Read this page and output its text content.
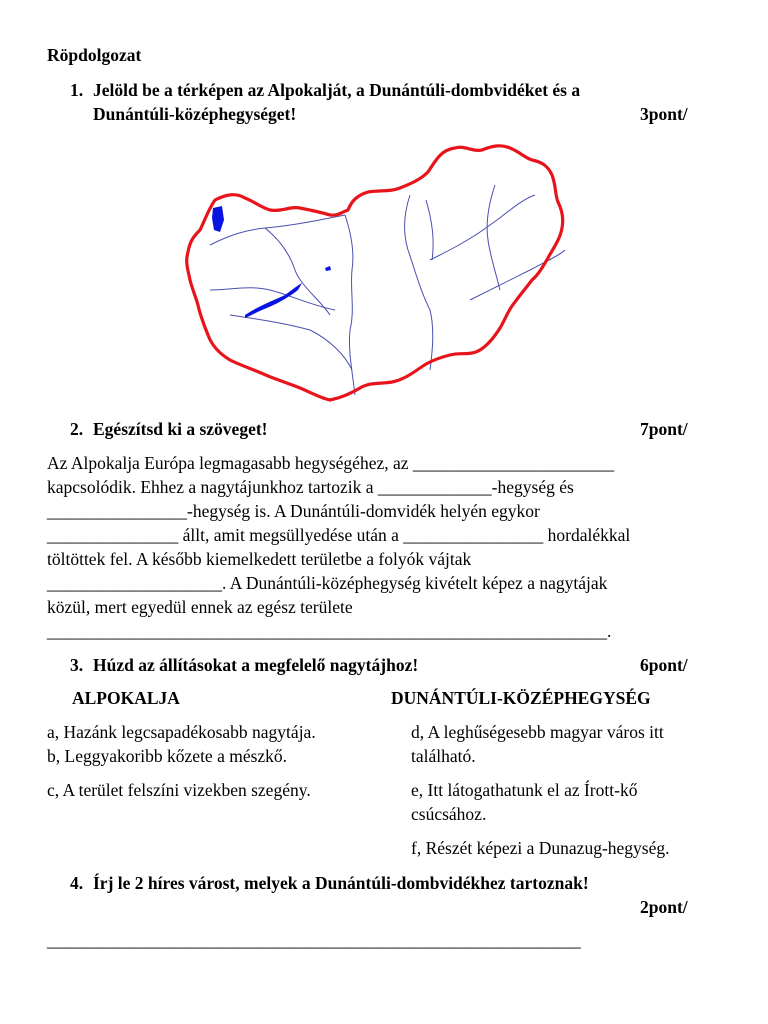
Röpdolgozat
1. Jelöld be a térképen az Alpokalját, a Dunántúli-dombvidéket és a
Dunántúli-középhegységet!	3pont/
2. Egészítsd ki a szöveget!	7pont/
Az Alpokalja Európa legmagasabb hegységéhez, az _______________________
kapcsolódik. Ehhez a nagytájunkhoz tartozik a _____________-hegység és
________________-hegység is. A Dunántúli-domvidék helyén egykor
_______________ állt, amit megsüllyedése után a ________________ hordalékkal
töltöttek fel. A később kiemelkedett területbe a folyók vájtak
____________________. A Dunántúli-középhegység kivételt képez a nagytájak
közül, mert egyedül ennek az egész területe
________________________________________________________________.
3. Húzd az állításokat a megfelelő nagytájhoz!	6pont/
ALPOKALJA	DUNÁNTÚLI-KÖZÉPHEGYSÉG
a, Hazánk legcsapadékosabb nagytája.
b, Leggyakoribb kőzete a mészkő.
c, A terület felszíni vizekben szegény.
d, A leghűségesebb magyar város itt
található.
e, Itt látogathatunk el az Írott-kő
csúcsához.
f, Részét képezi a Dunazug-hegység.
4. Írj le 2 híres várost, melyek a Dunántúli-dombvidékhez tartoznak!
2pont/
_____________________________________________________________
